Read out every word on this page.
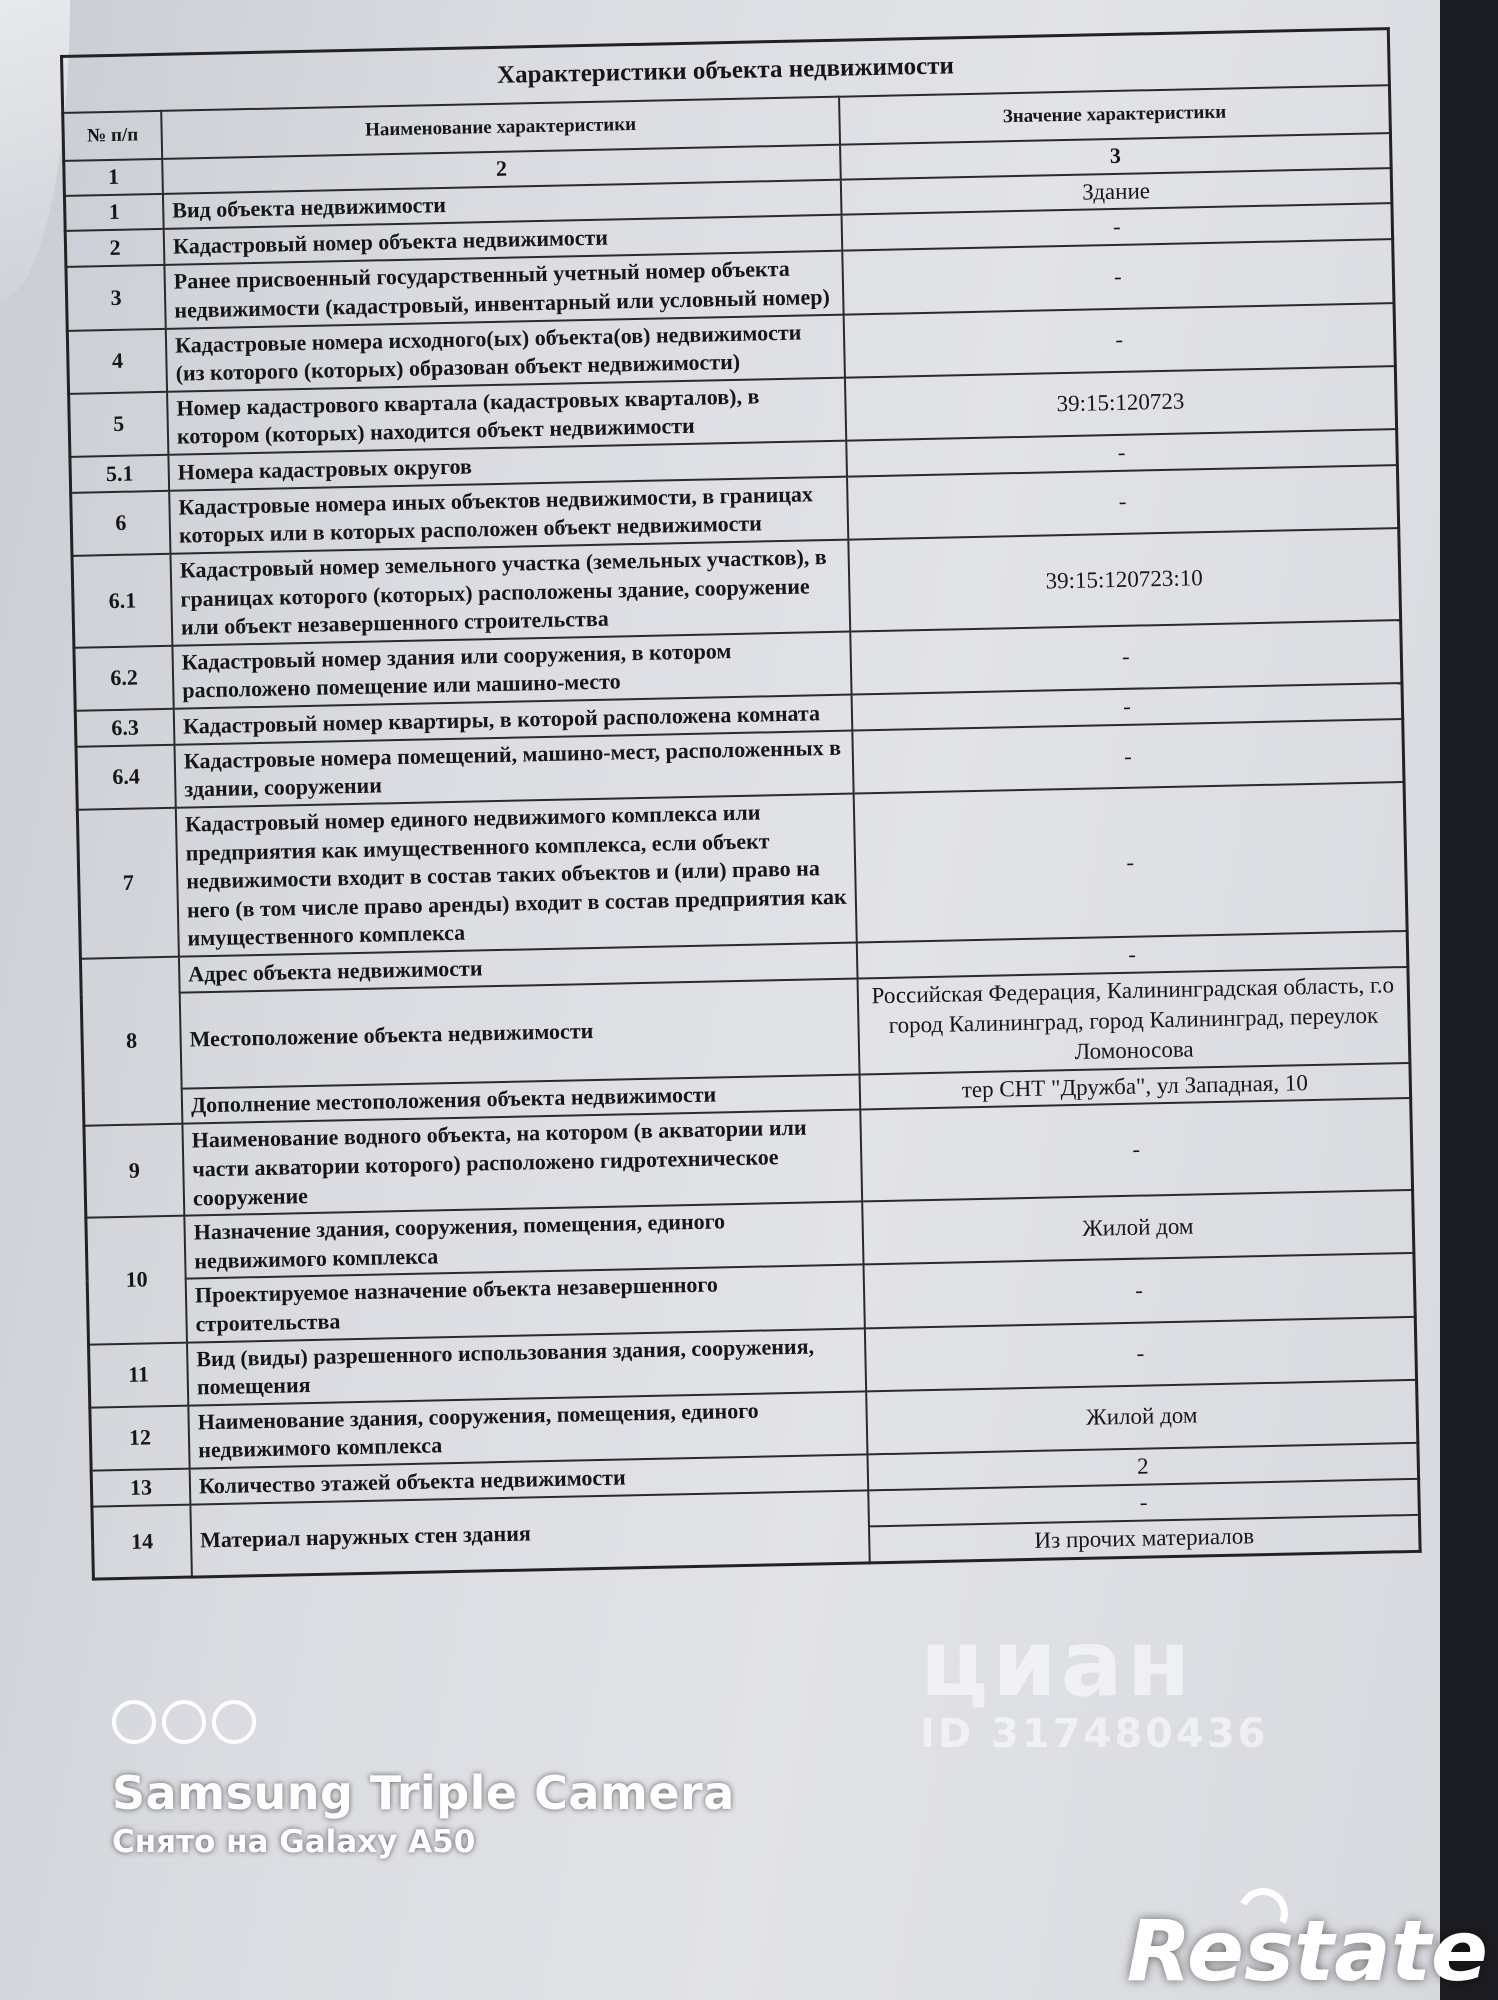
Характеристики объекта недвижимости		
№ п/п	Наименование характеристики	Значение характеристики
1	2	3
1	Вид объекта недвижимости	Здание
2	Кадастровый номер объекта недвижимости	-
3	Ранее присвоенный государственный учетный номер объекта недвижимости (кадастровый, инвентарный или условный номер)	-
4	Кадастровые номера исходного(ых) объекта(ов) недвижимости (из которого (которых) образован объект недвижимости)	-
5	Номер кадастрового квартала (кадастровых кварталов), в котором (которых) находится объект недвижимости	39:15:120723
5.1	Номера кадастровых округов	-
6	Кадастровые номера иных объектов недвижимости, в границах которых или в которых расположен объект недвижимости	-
6.1	Кадастровый номер земельного участка (земельных участков), в границах которого (которых) расположены здание, сооружение или объект незавершенного строительства	39:15:120723:10
6.2	Кадастровый номер здания или сооружения, в котором расположено помещение или машино-место	-
6.3	Кадастровый номер квартиры, в которой расположена комната	-
6.4	Кадастровые номера помещений, машино-мест, расположенных в здании, сооружении	-
7	Кадастровый номер единого недвижимого комплекса или предприятия как имущественного комплекса, если объект недвижимости входит в состав таких объектов и (или) право на него (в том числе право аренды) входит в состав предприятия как имущественного комплекса	-
8	Адрес объекта недвижимости	-
	Местоположение объекта недвижимости	Российская Федерация, Калининградская область, г.о город Калининград, город Калининград, переулок Ломоносова
	Дополнение местоположения объекта недвижимости	тер СНТ "Дружба", ул Западная, 10
9	Наименование водного объекта, на котором (в акватории или части акватории которого) расположено гидротехническое сооружение	-
10	Назначение здания, сооружения, помещения, единого недвижимого комплекса	Жилой дом
	Проектируемое назначение объекта незавершенного строительства	-
11	Вид (виды) разрешенного использования здания, сооружения, помещения	-
12	Наименование здания, сооружения, помещения, единого недвижимого комплекса	Жилой дом
13	Количество этажей объекта недвижимости	2
14	Материал наружных стен здания	-
		Из прочих материалов
циан
ID 317480436
Samsung Triple Camera
Снято на Galaxy A50
Restate
